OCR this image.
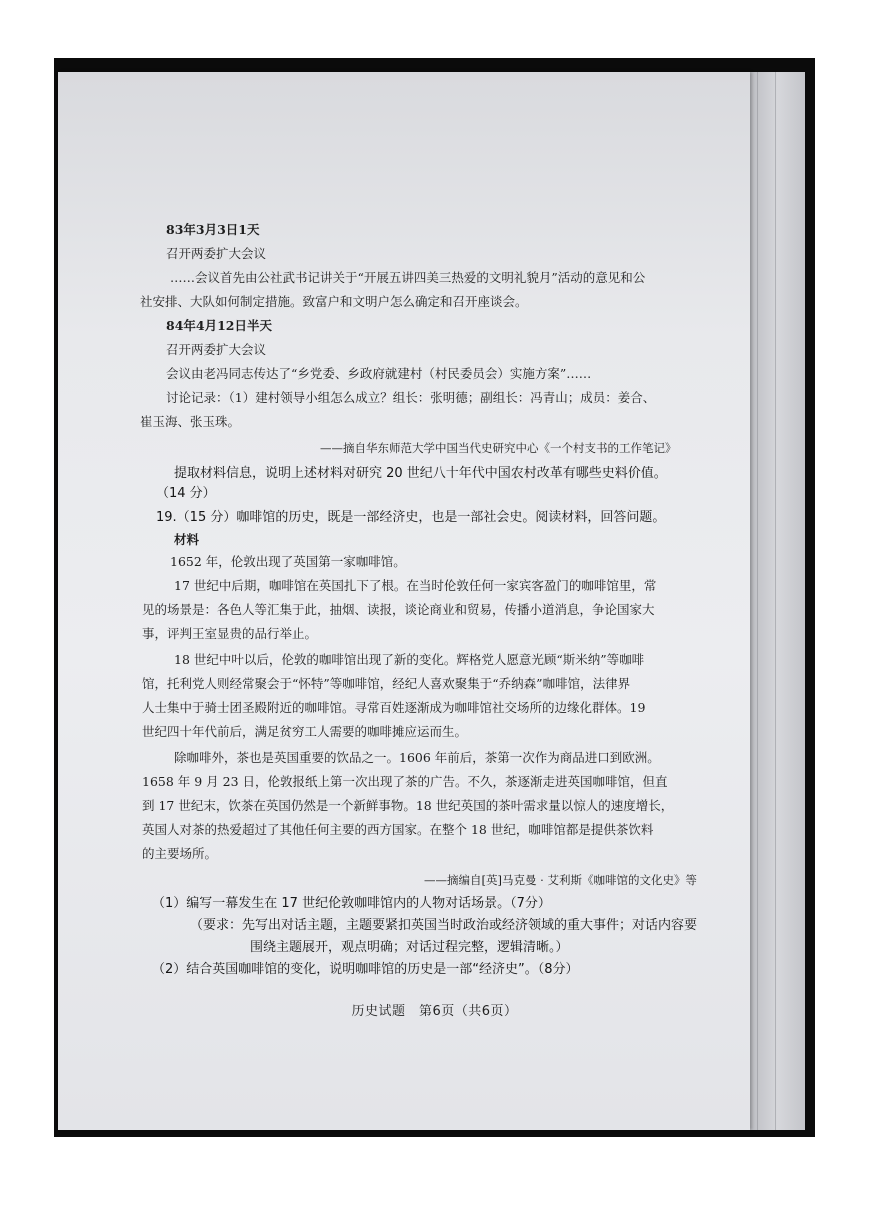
83年3月3日1天
召开两委扩大会议
……会议首先由公社武书记讲关于“开展五讲四美三热爱的文明礼貌月”活动的意见和公
社安排、大队如何制定措施。致富户和文明户怎么确定和召开座谈会。
84年4月12日半天
召开两委扩大会议
会议由老冯同志传达了“乡党委、乡政府就建村（村民委员会）实施方案”……
讨论记录：（1）建村领导小组怎么成立？组长：张明德；副组长：冯青山；成员：姜合、
崔玉海、张玉珠。
——摘自华东师范大学中国当代史研究中心《一个村支书的工作笔记》
提取材料信息，说明上述材料对研究 20 世纪八十年代中国农村改革有哪些史料价值。
（14 分）
19.（15 分）咖啡馆的历史，既是一部经济史，也是一部社会史。阅读材料，回答问题。
材料
1652 年，伦敦出现了英国第一家咖啡馆。
17 世纪中后期，咖啡馆在英国扎下了根。在当时伦敦任何一家宾客盈门的咖啡馆里，常
见的场景是：各色人等汇集于此，抽烟、读报，谈论商业和贸易，传播小道消息，争论国家大
事，评判王室显贵的品行举止。
18 世纪中叶以后，伦敦的咖啡馆出现了新的变化。辉格党人愿意光顾“斯米纳”等咖啡
馆，托利党人则经常聚会于“怀特”等咖啡馆，经纪人喜欢聚集于“乔纳森”咖啡馆，法律界
人士集中于骑士团圣殿附近的咖啡馆。寻常百姓逐渐成为咖啡馆社交场所的边缘化群体。19
世纪四十年代前后，满足贫穷工人需要的咖啡摊应运而生。
除咖啡外，茶也是英国重要的饮品之一。1606 年前后，茶第一次作为商品进口到欧洲。
1658 年 9 月 23 日，伦敦报纸上第一次出现了茶的广告。不久，茶逐渐走进英国咖啡馆，但直
到 17 世纪末，饮茶在英国仍然是一个新鲜事物。18 世纪英国的茶叶需求量以惊人的速度增长，
英国人对茶的热爱超过了其他任何主要的西方国家。在整个 18 世纪，咖啡馆都是提供茶饮料
的主要场所。
——摘编自[英]马克曼 · 艾利斯《咖啡馆的文化史》等
（1）编写一幕发生在 17 世纪伦敦咖啡馆内的人物对话场景。（7分）
（要求：先写出对话主题，主题要紧扣英国当时政治或经济领域的重大事件；对话内容要
围绕主题展开，观点明确；对话过程完整，逻辑清晰。）
（2）结合英国咖啡馆的变化，说明咖啡馆的历史是一部“经济史”。（8分）
历史试题　第6页（共6页）
